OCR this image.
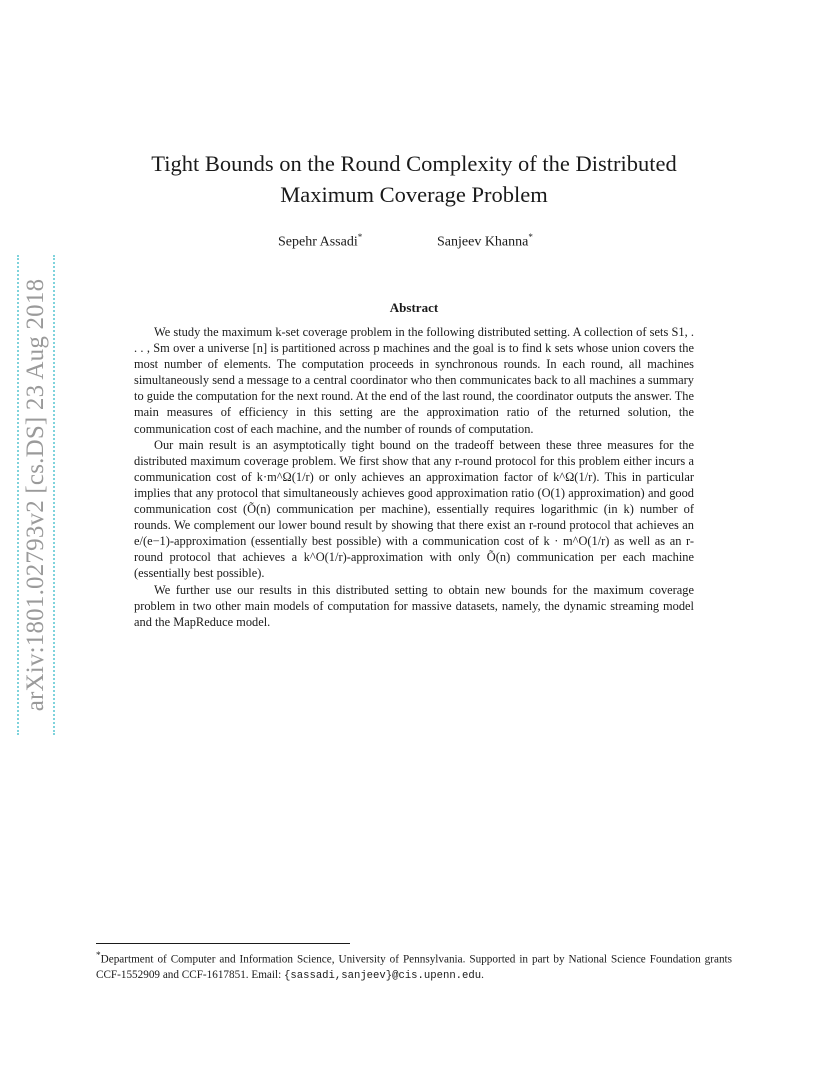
arXiv:1801.02793v2 [cs.DS] 23 Aug 2018
Tight Bounds on the Round Complexity of the Distributed
Maximum Coverage Problem
Sepehr Assadi*	Sanjeev Khanna*
Abstract

We study the maximum k-set coverage problem in the following distributed setting. A collection of sets S1, . . . , Sm over a universe [n] is partitioned across p machines and the goal is to find k sets whose union covers the most number of elements. The computation proceeds in synchronous rounds. In each round, all machines simultaneously send a message to a central coordinator who then communicates back to all machines a summary to guide the computation for the next round. At the end of the last round, the coordinator outputs the answer. The main measures of efficiency in this setting are the approximation ratio of the returned solution, the communication cost of each machine, and the number of rounds of computation.

Our main result is an asymptotically tight bound on the tradeoff between these three measures for the distributed maximum coverage problem. We first show that any r-round protocol for this problem either incurs a communication cost of k·m^Ω(1/r) or only achieves an approximation factor of k^Ω(1/r). This in particular implies that any protocol that simultaneously achieves good approximation ratio (O(1) approximation) and good communication cost (Õ(n) communication per machine), essentially requires logarithmic (in k) number of rounds. We complement our lower bound result by showing that there exist an r-round protocol that achieves an e/(e−1)-approximation (essentially best possible) with a communication cost of k · m^O(1/r) as well as an r-round protocol that achieves a k^O(1/r)-approximation with only Õ(n) communication per each machine (essentially best possible).

We further use our results in this distributed setting to obtain new bounds for the maximum coverage problem in two other main models of computation for massive datasets, namely, the dynamic streaming model and the MapReduce model.

*Department of Computer and Information Science, University of Pennsylvania. Supported in part by National Science Foundation grants CCF-1552909 and CCF-1617851. Email: {sassadi,sanjeev}@cis.upenn.edu.
